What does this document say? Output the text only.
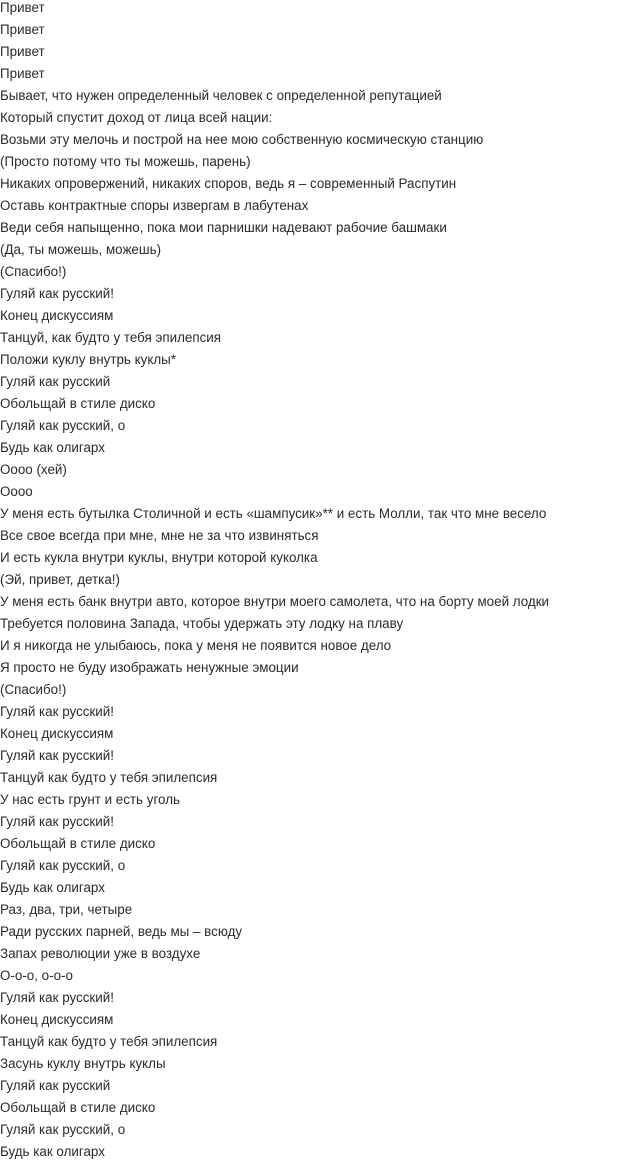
Привет
Привет
Привет
Привет
Бывает, что нужен определенный человек с определенной репутацией
Который спустит доход от лица всей нации:
Возьми эту мелочь и построй на нее мою собственную космическую станцию
(Просто потому что ты можешь, парень)
Никаких опровержений, никаких споров, ведь я – современный Распутин
Оставь контрактные споры извергам в лабутенах
Веди себя напыщенно, пока мои парнишки надевают рабочие башмаки
(Да, ты можешь, можешь)
(Спасибо!)
Гуляй как русский!
Конец дискуссиям
Танцуй, как будто у тебя эпилепсия
Положи куклу внутрь куклы*
Гуляй как русский
Обольщай в стиле диско
Гуляй как русский, о
Будь как олигарх
Оооо (хей)
Оооо
У меня есть бутылка Столичной и есть «шампусик»** и есть Молли, так что мне весело
Все свое всегда при мне, мне не за что извиняться
И есть кукла внутри куклы, внутри которой куколка
(Эй, привет, детка!)
У меня есть банк внутри авто, которое внутри моего самолета, что на борту моей лодки
Требуется половина Запада, чтобы удержать эту лодку на плаву
И я никогда не улыбаюсь, пока у меня не появится новое дело
Я просто не буду изображать ненужные эмоции
(Спасибо!)
Гуляй как русский!
Конец дискуссиям
Гуляй как русский!
Танцуй как будто у тебя эпилепсия
У нас есть грунт и есть уголь
Гуляй как русский!
Обольщай в стиле диско
Гуляй как русский, о
Будь как олигарх
Раз, два, три, четыре
Ради русских парней, ведь мы – всюду
Запах революции уже в воздухе
О-о-о, о-о-о
Гуляй как русский!
Конец дискуссиям
Танцуй как будто у тебя эпилепсия
Засунь куклу внутрь куклы
Гуляй как русский
Обольщай в стиле диско
Гуляй как русский, о
Будь как олигарх
